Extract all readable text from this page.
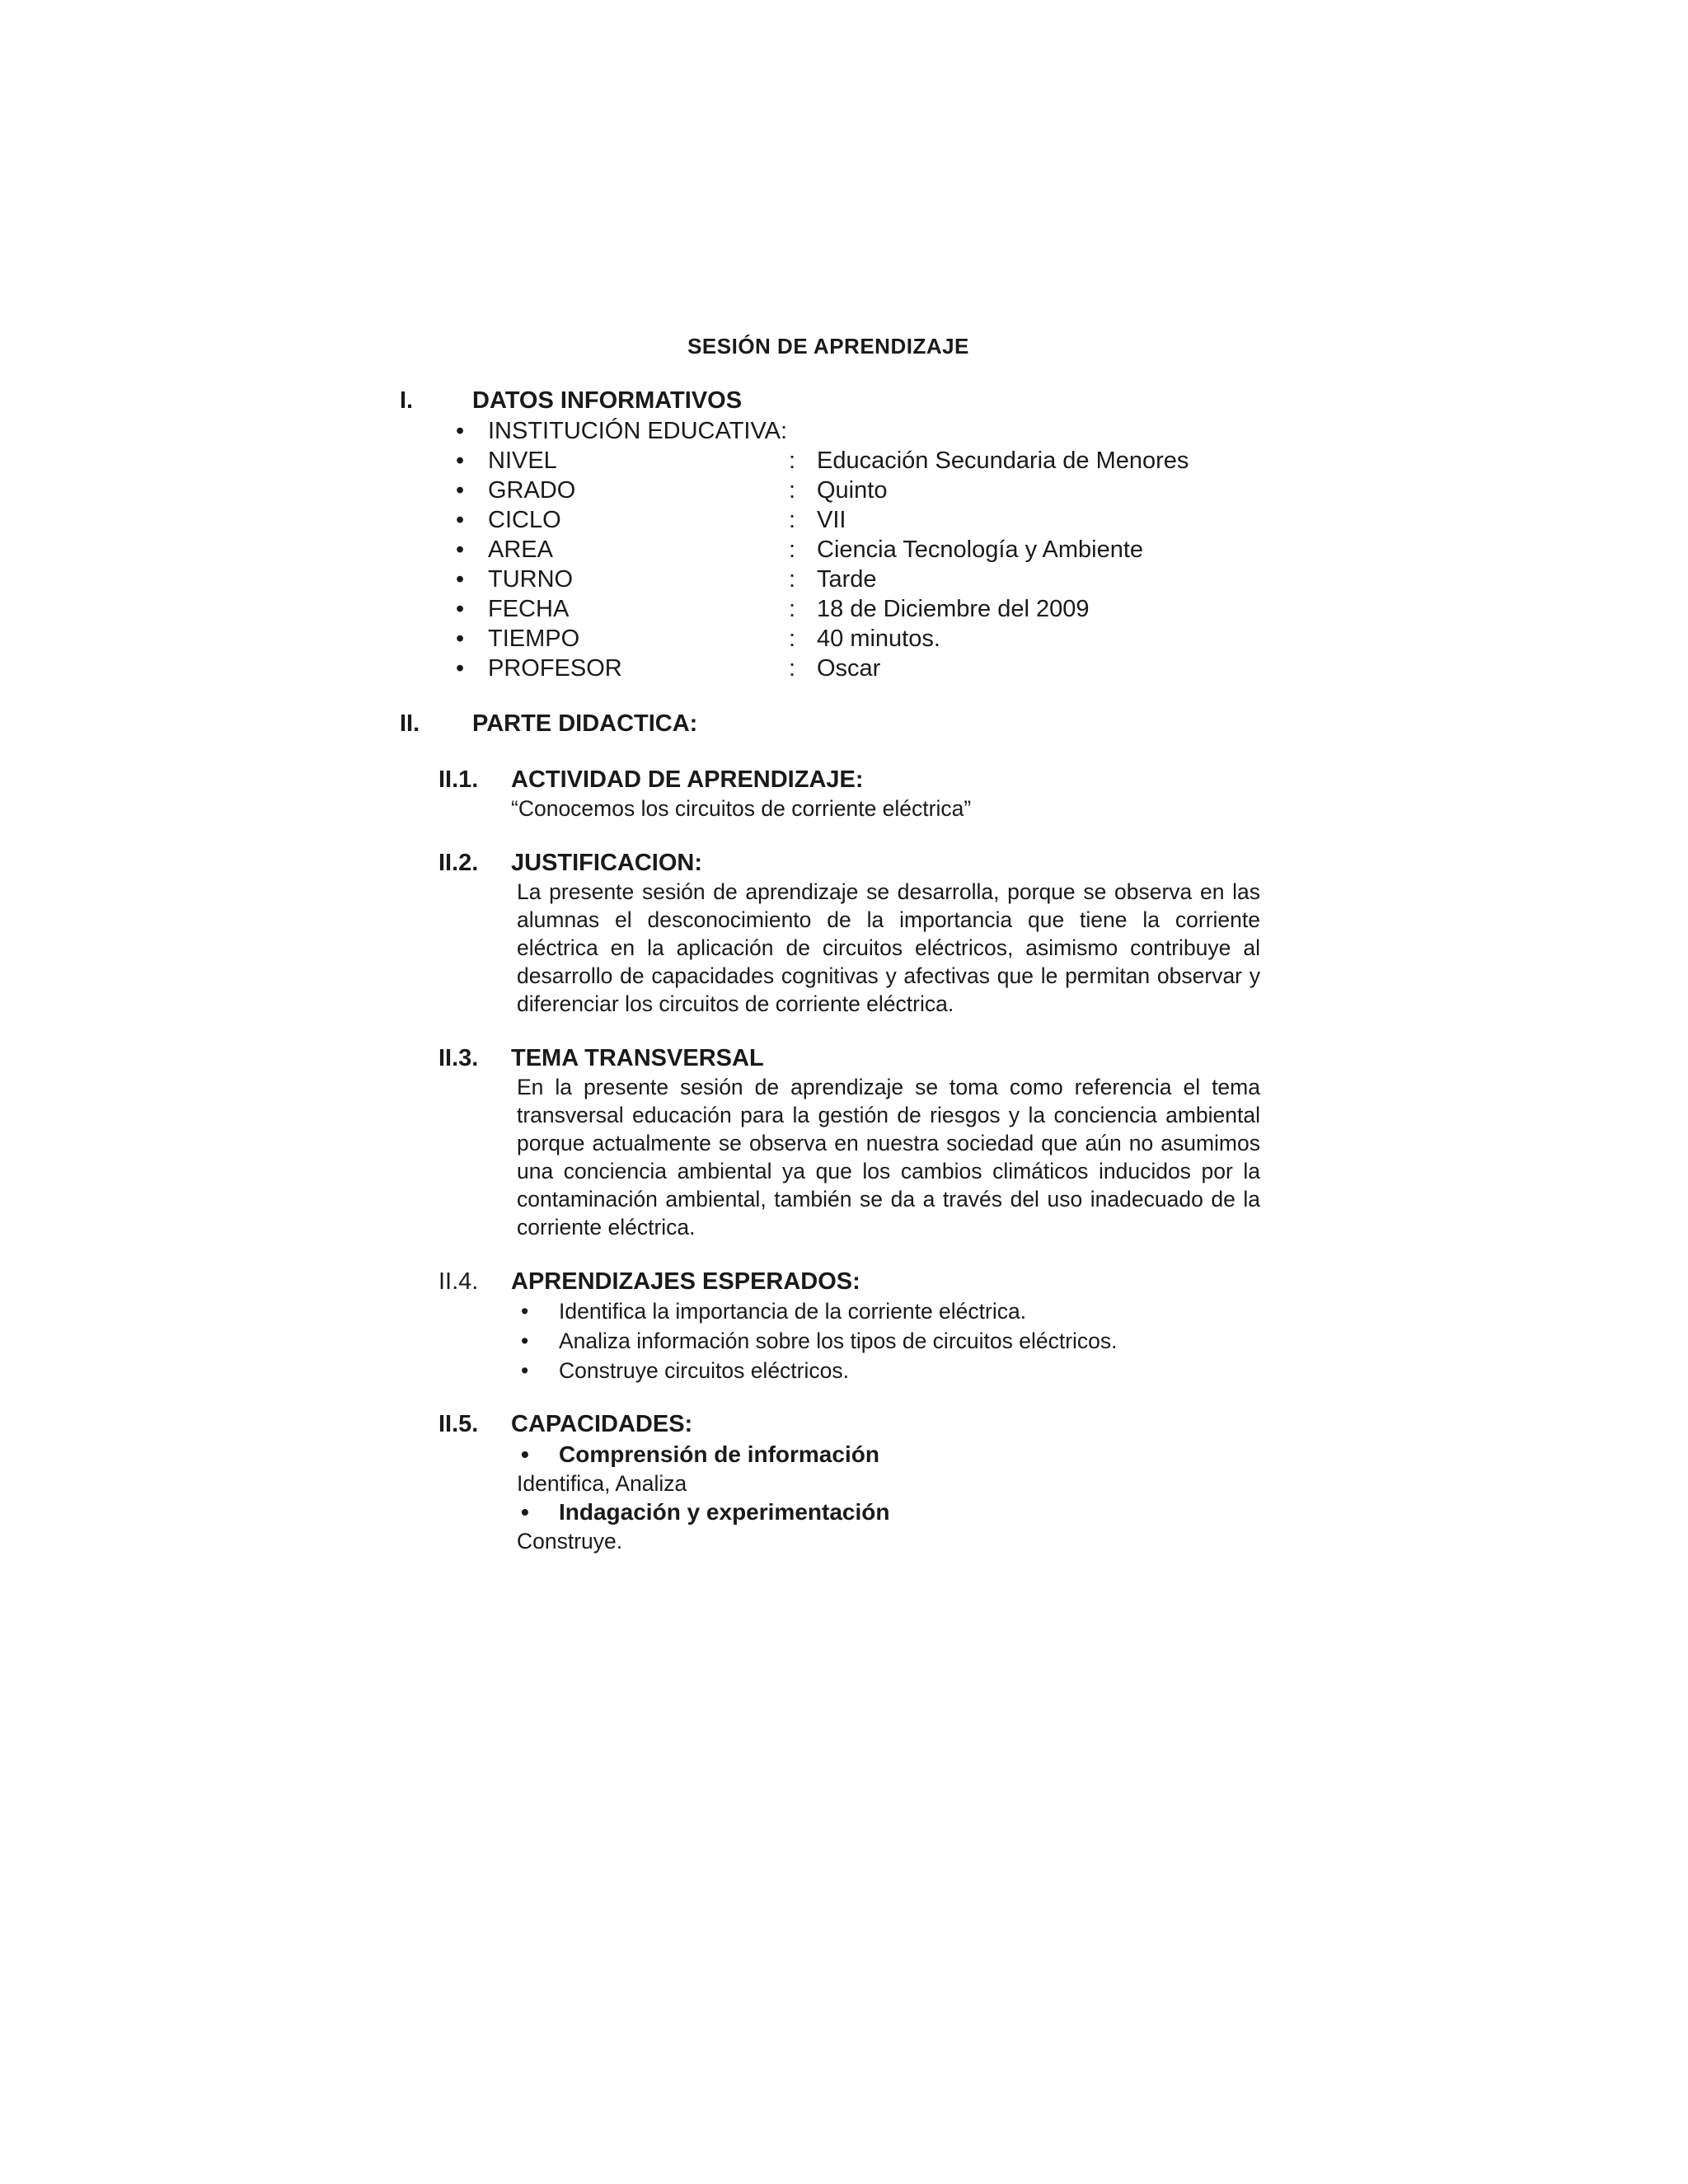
SESIÓN DE APRENDIZAJE
I. DATOS INFORMATIVOS
• INSTITUCIÓN EDUCATIVA:
• NIVEL	: Educación Secundaria de Menores
• GRADO	: Quinto
• CICLO	: VII
• AREA	: Ciencia Tecnología y Ambiente
• TURNO	: Tarde
• FECHA	: 18 de Diciembre del 2009
• TIEMPO	: 40 minutos.
• PROFESOR	: Oscar
II. PARTE DIDACTICA:
II.1. ACTIVIDAD DE APRENDIZAJE:
“Conocemos los circuitos de corriente eléctrica”
II.2. JUSTIFICACION:
La presente sesión de aprendizaje se desarrolla, porque se observa en las alumnas el desconocimiento de la importancia que tiene la corriente eléctrica en la aplicación de circuitos eléctricos, asimismo contribuye al desarrollo de capacidades cognitivas y afectivas que le permitan observar y diferenciar los circuitos de corriente eléctrica.
II.3. TEMA TRANSVERSAL
En la presente sesión de aprendizaje se toma como referencia el tema transversal educación para la gestión de riesgos y la conciencia ambiental porque actualmente se observa en nuestra sociedad que aún no asumimos una conciencia ambiental ya que los cambios climáticos inducidos por la contaminación ambiental, también se da a través del uso inadecuado de la corriente eléctrica.
II.4. APRENDIZAJES ESPERADOS:
• Identifica la importancia de la corriente eléctrica.
• Analiza información sobre los tipos de circuitos eléctricos.
• Construye circuitos eléctricos.
II.5. CAPACIDADES:
• Comprensión de información
Identifica, Analiza
• Indagación y experimentación
Construye.
